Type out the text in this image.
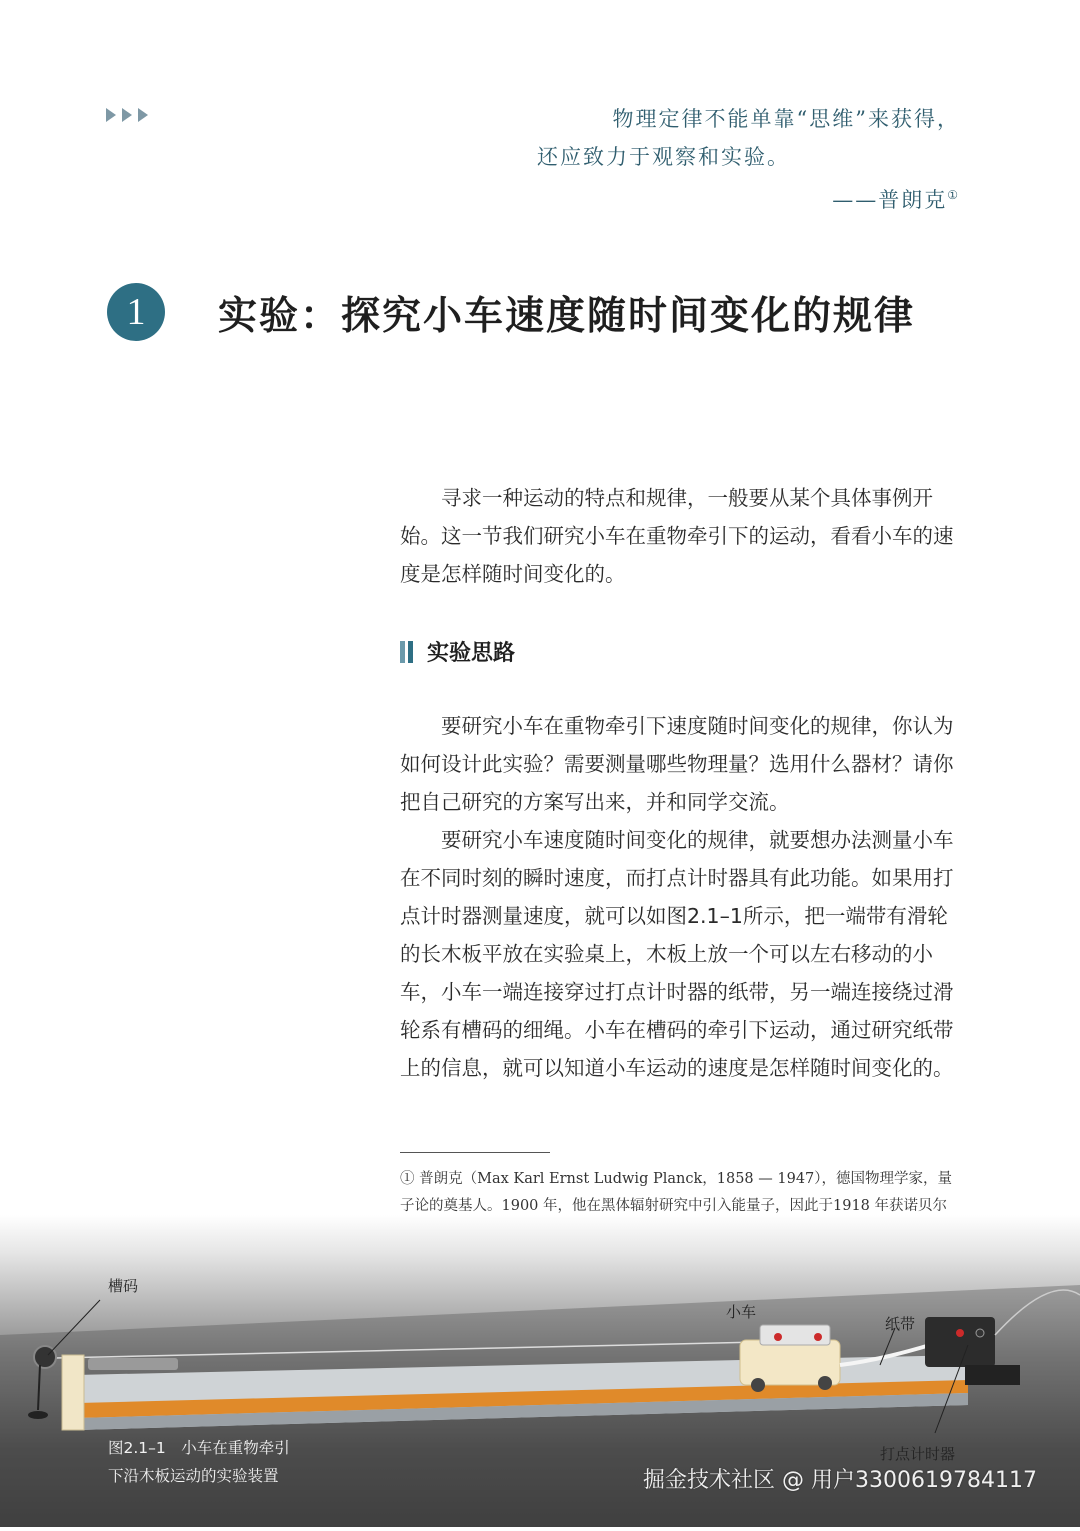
物理定律不能单靠“思维”来获得，
还应致力于观察和实验。
——普朗克①
1	实验：探究小车速度随时间变化的规律

寻求一种运动的特点和规律，一般要从某个具体事例开始。这一节我们研究小车在重物牵引下的运动，看看小车的速度是怎样随时间变化的。

实验思路

要研究小车在重物牵引下速度随时间变化的规律，你认为如何设计此实验？需要测量哪些物理量？选用什么器材？请你把自己研究的方案写出来，并和同学交流。

要研究小车速度随时间变化的规律，就要想办法测量小车在不同时刻的瞬时速度，而打点计时器具有此功能。如果用打点计时器测量速度，就可以如图2.1–1所示，把一端带有滑轮的长木板平放在实验桌上，木板上放一个可以左右移动的小车，小车一端连接穿过打点计时器的纸带，另一端连接绕过滑轮系有槽码的细绳。小车在槽码的牵引下运动，通过研究纸带上的信息，就可以知道小车运动的速度是怎样随时间变化的。

① 普朗克（Max Karl Ernst Ludwig Planck，1858 — 1947），德国物理学家，量子论的奠基人。1900 年，他在黑体辐射研究中引入能量子，因此于1918 年获诺贝尔
槽码
小车
纸带
打点计时器
图2.1–1　小车在重物牵引
下沿木板运动的实验装置	掘金技术社区 @ 用户3300619784117
